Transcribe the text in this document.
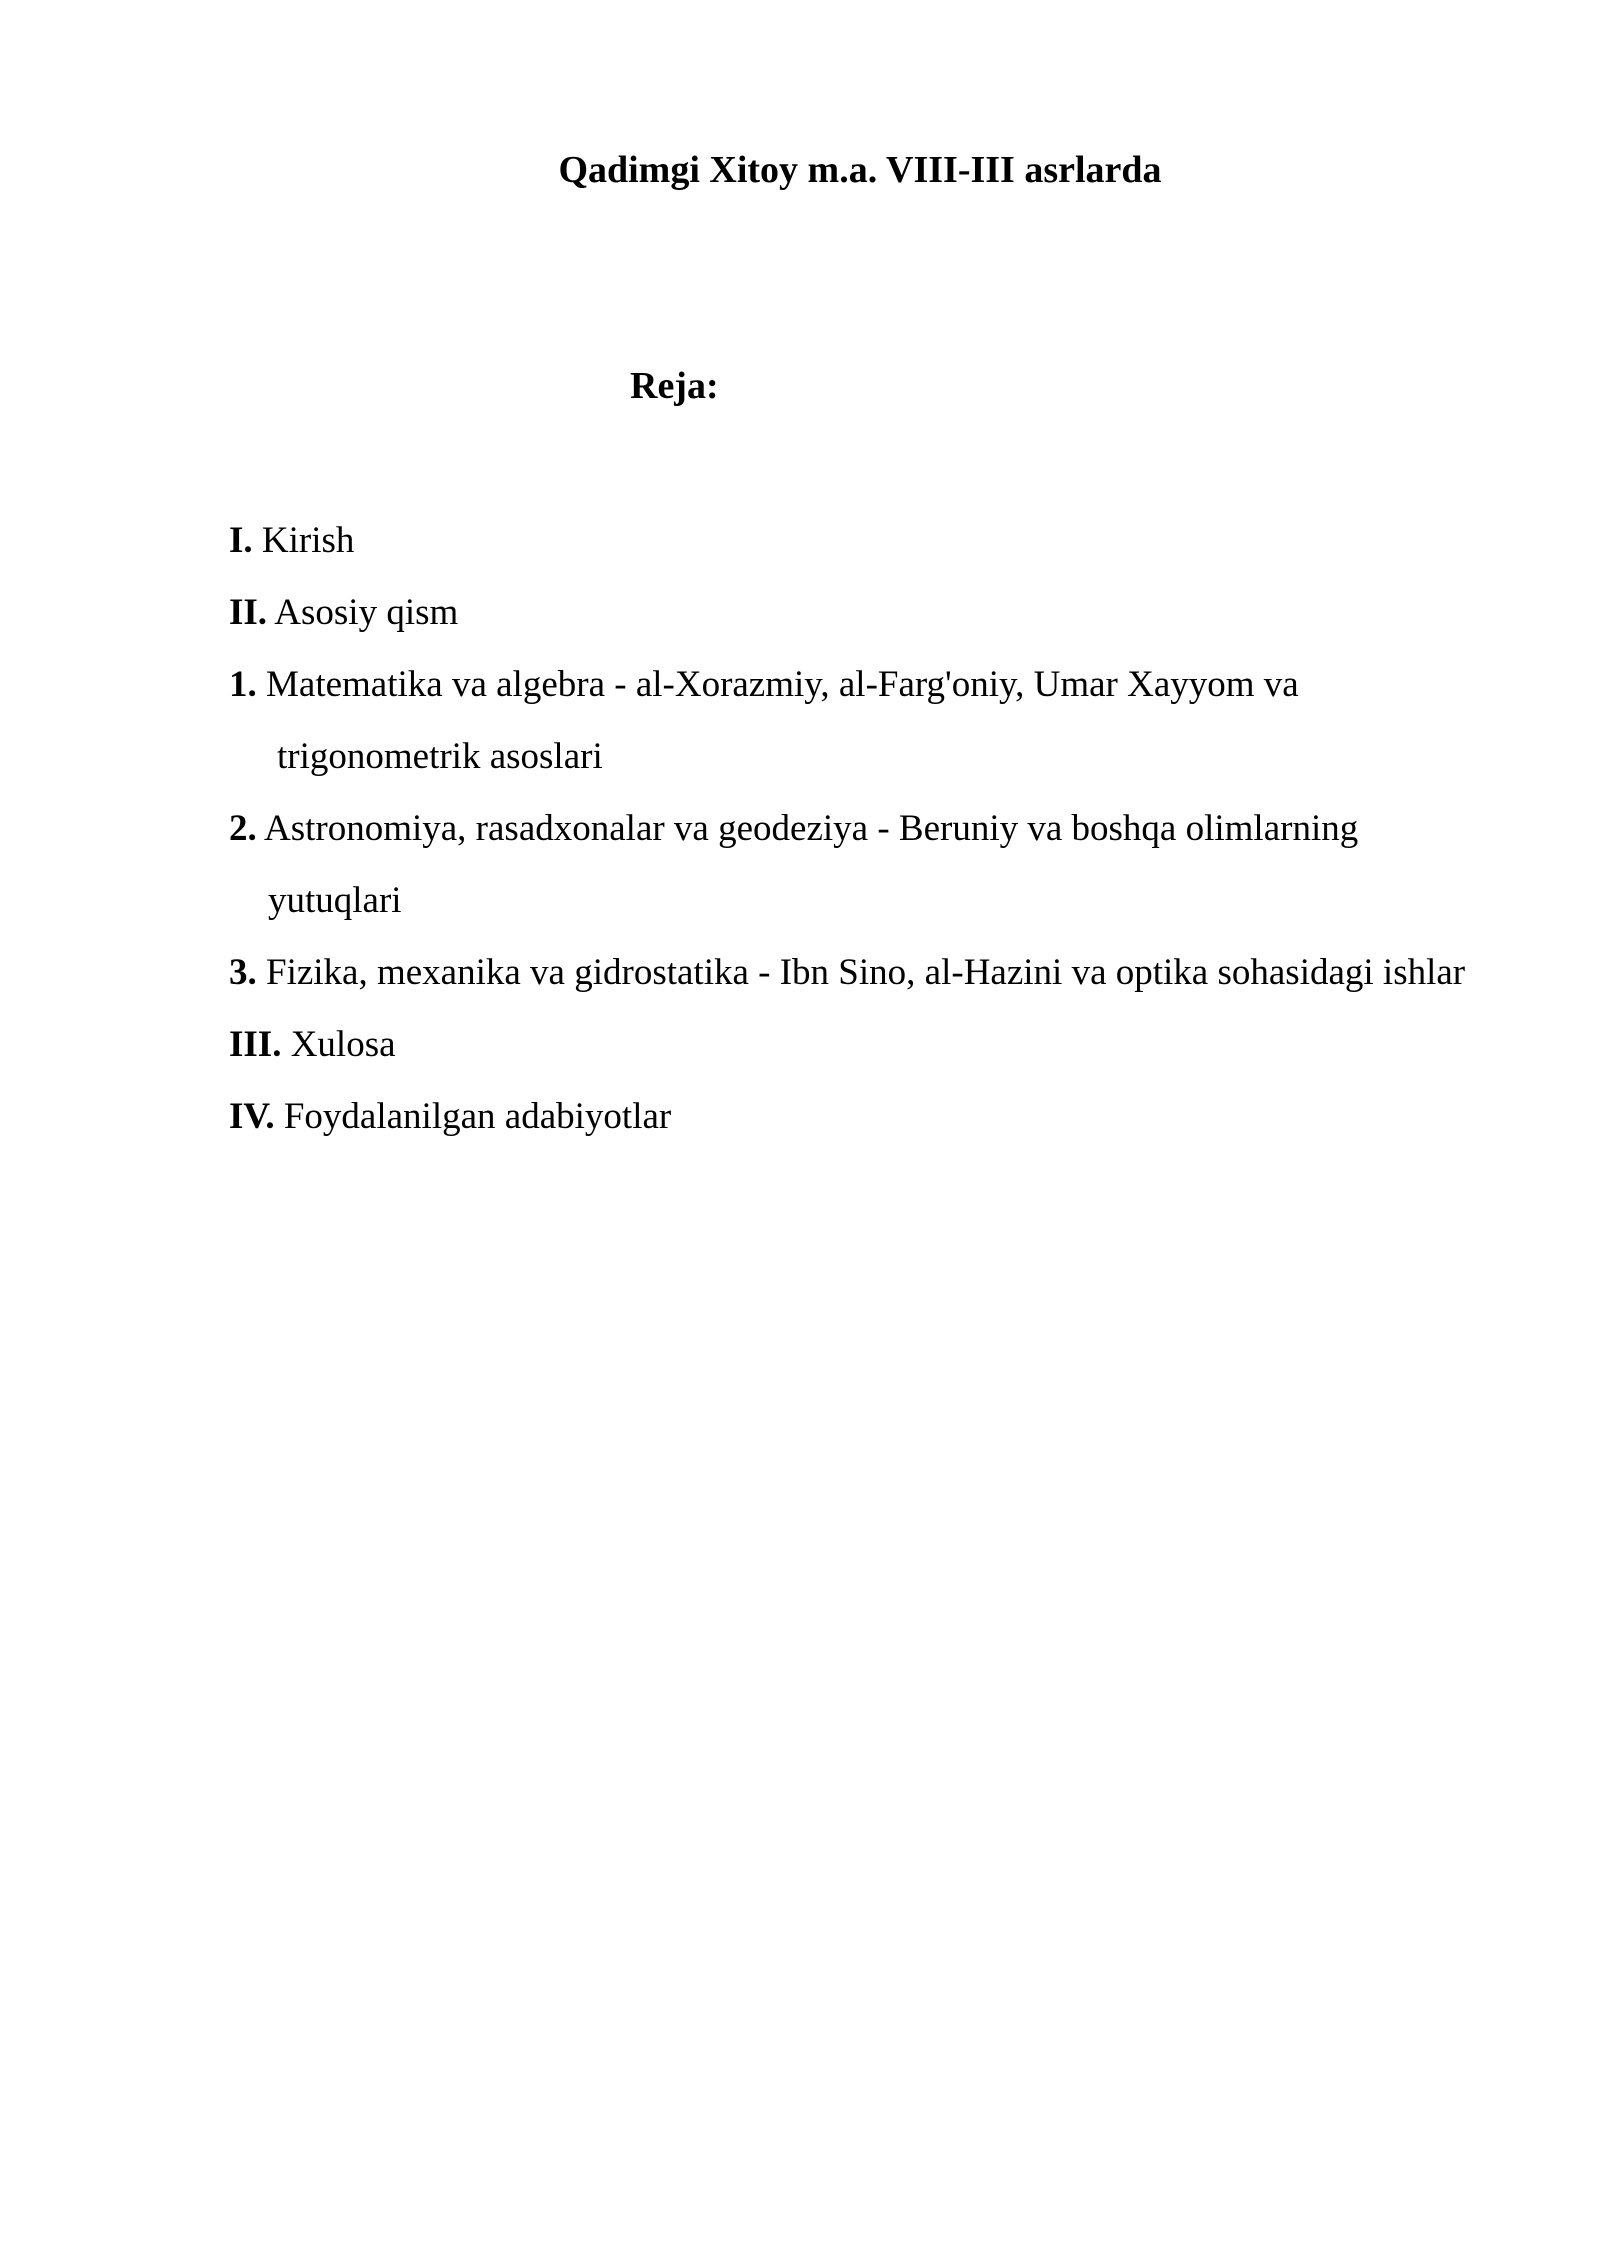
Qadimgi Xitoy m.a. VIII-III asrlarda
Reja:
I. Kirish
II. Asosiy qism
1. Matematika va algebra - al-Xorazmiy, al-Farg'oniy, Umar Xayyom va
trigonometrik asoslari
2. Astronomiya, rasadxonalar va geodeziya - Beruniy va boshqa olimlarning
yutuqlari
3. Fizika, mexanika va gidrostatika - Ibn Sino, al-Hazini va optika sohasidagi ishlar
III. Xulosa
IV. Foydalanilgan adabiyotlar
